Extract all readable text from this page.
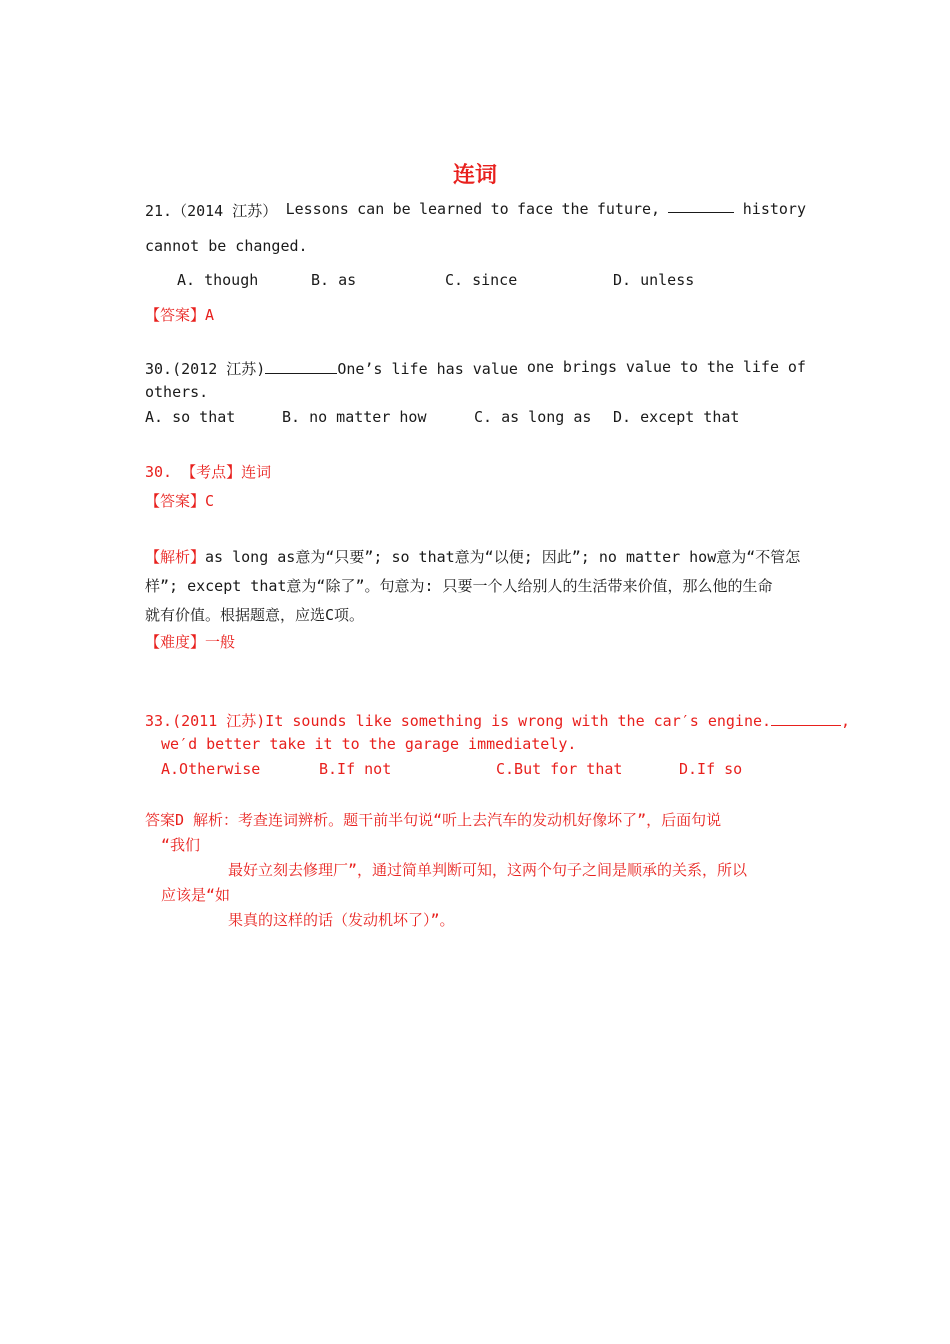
连词
21.（2014 江苏） Lessons can be learned to face the future,	history
cannot be changed.
A. though	B. as	C. since	D. unless
【答案】A
30.(2012 江苏)	One’s life has value one brings value to the life of
others.
A. so that	B. no matter how	C. as long as D. except that
30. 【考点】连词
【答案】C
【解析】as long as意为“只要”; so that意为“以便; 因此”; no matter how意为“不管怎
样”; except that意为“除了”。句意为: 只要一个人给别人的生活带来价值，那么他的生命
就有价值。根据题意，应选C项。
【难度】一般
33.(2011 江苏)It sounds like something is wrong with the car′s engine.	,
we′d better take it to the garage immediately.
A.Otherwise	B.If not	C.But for that	D.If so
答案D 解析：考查连词辨析。题干前半句说“听上去汽车的发动机好像坏了”，后面句说
“我们
最好立刻去修理厂”，通过简单判断可知，这两个句子之间是顺承的关系，所以
应该是“如
果真的这样的话（发动机坏了）”。
